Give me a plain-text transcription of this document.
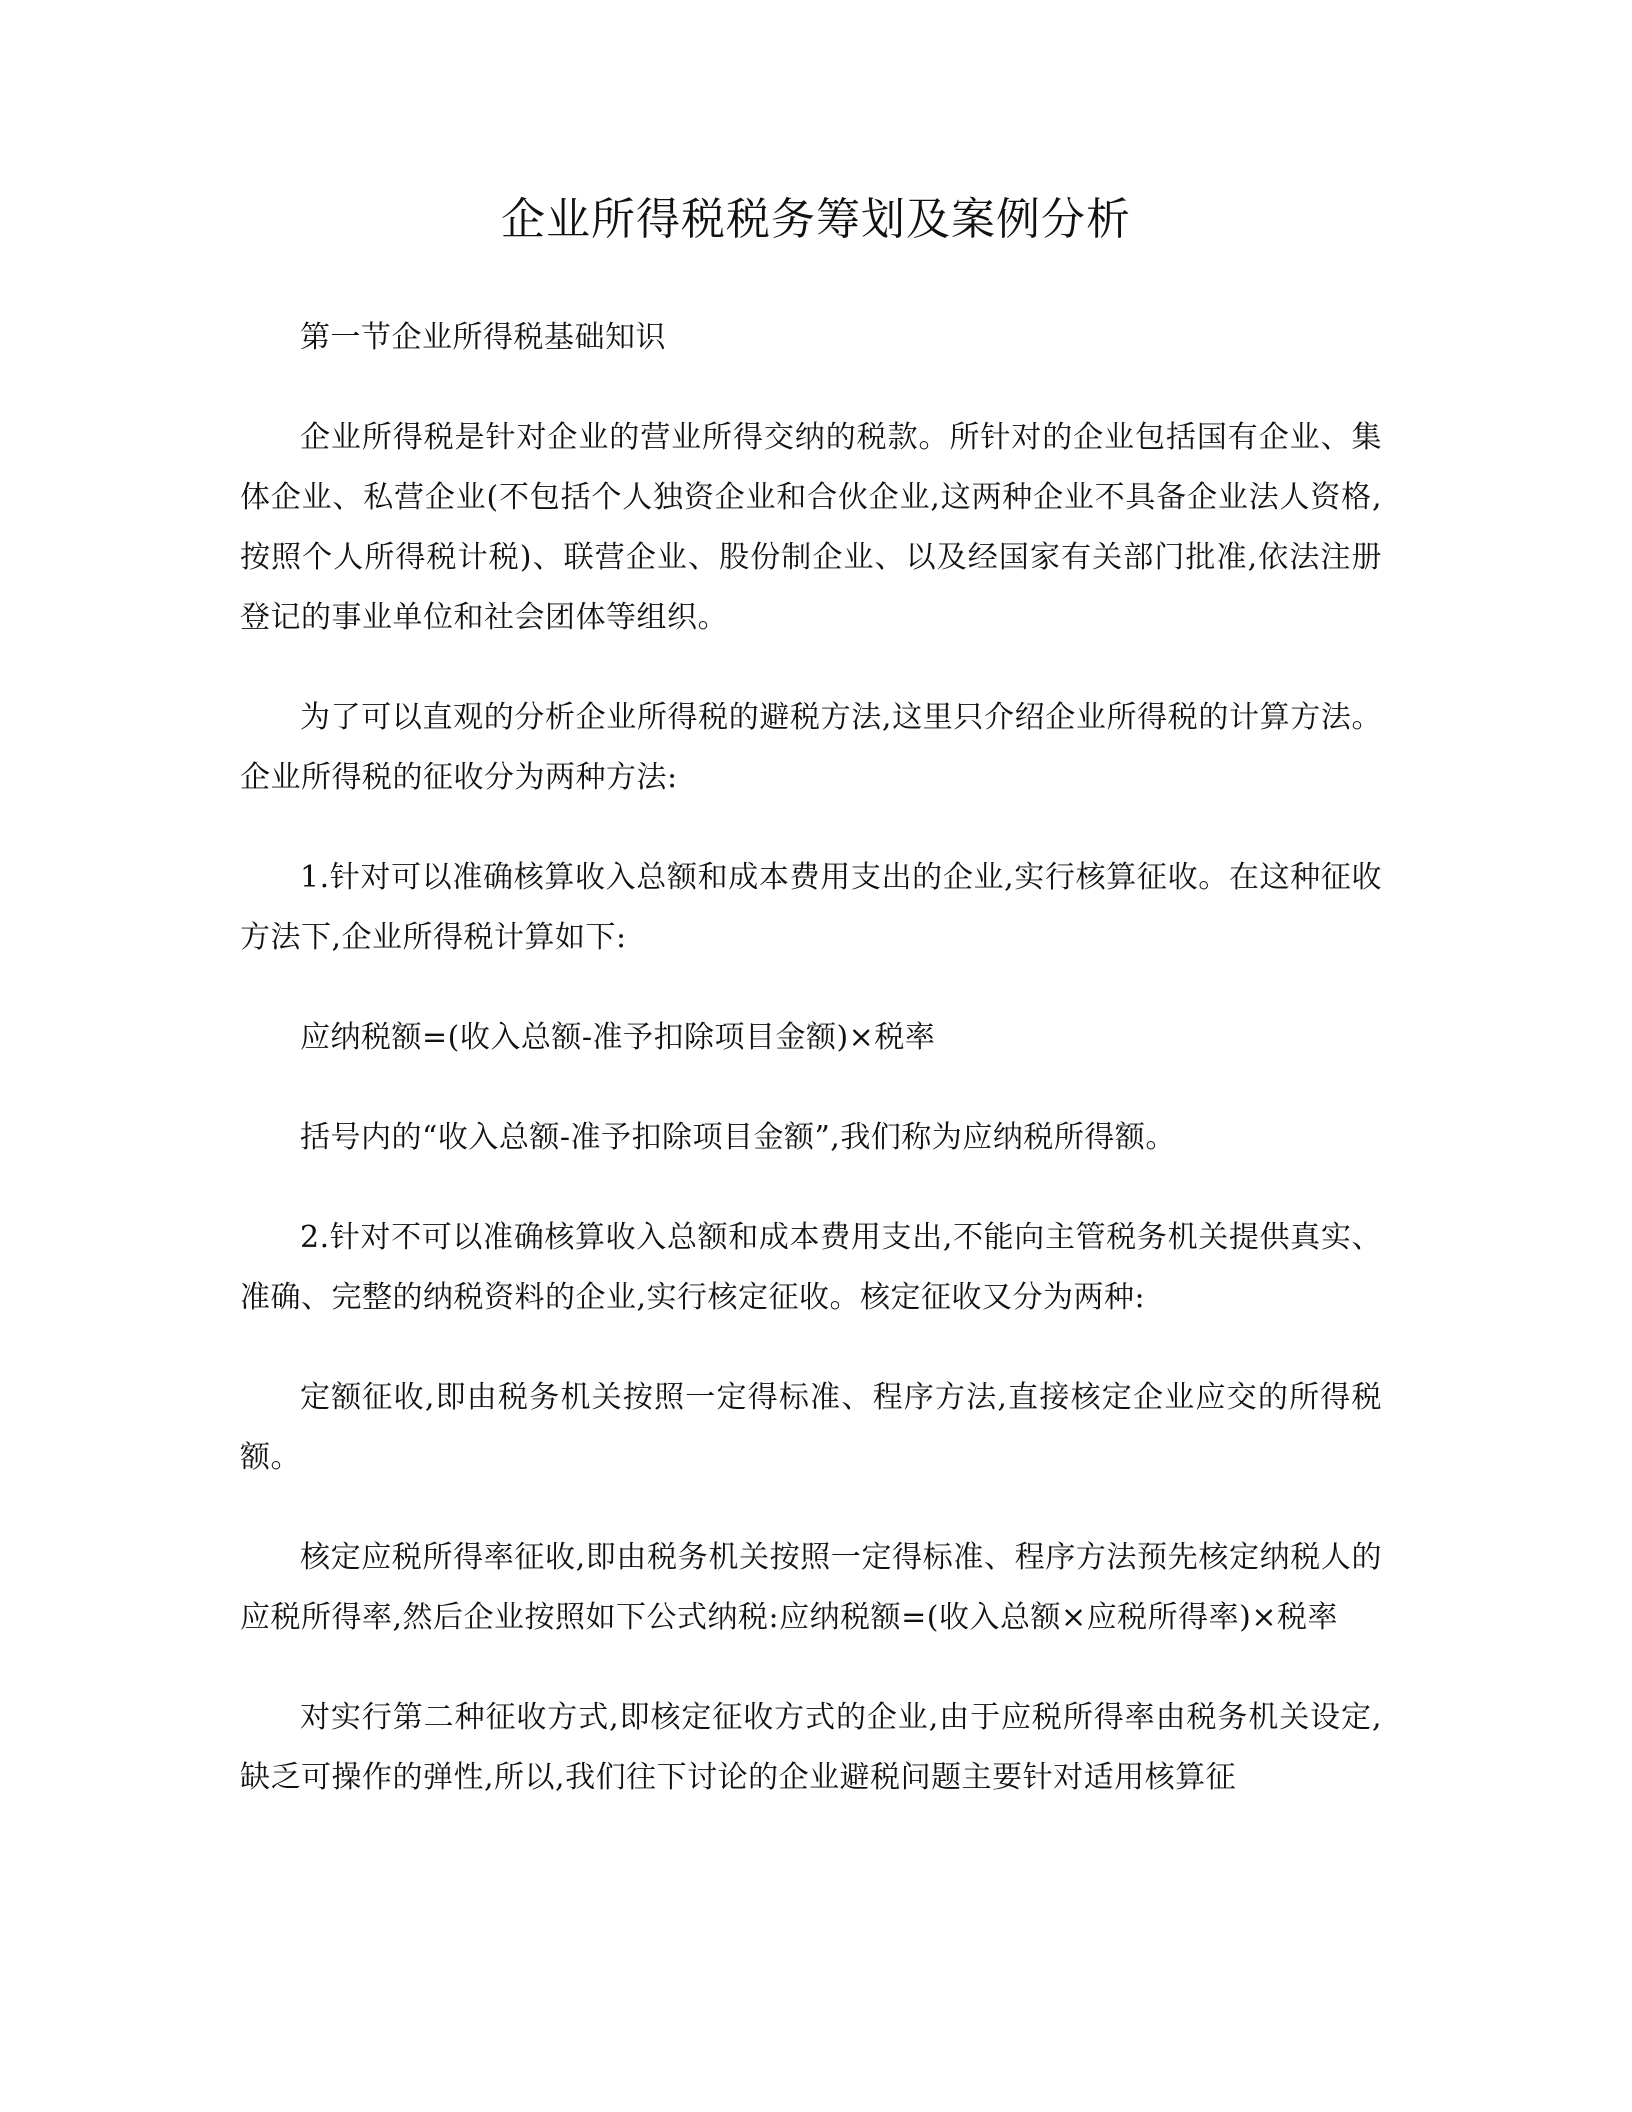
企业所得税税务筹划及案例分析

第一节企业所得税基础知识

企业所得税是针对企业的营业所得交纳的税款。所针对的企业包括国有企业、集体企业、私营企业(不包括个人独资企业和合伙企业,这两种企业不具备企业法人资格,按照个人所得税计税)、联营企业、股份制企业、以及经国家有关部门批准,依法注册登记的事业单位和社会团体等组织。

为了可以直观的分析企业所得税的避税方法,这里只介绍企业所得税的计算方法。企业所得税的征收分为两种方法:

1.针对可以准确核算收入总额和成本费用支出的企业,实行核算征收。在这种征收方法下,企业所得税计算如下:

应纳税额=(收入总额-准予扣除项目金额)×税率

括号内的“收入总额-准予扣除项目金额”,我们称为应纳税所得额。

2.针对不可以准确核算收入总额和成本费用支出,不能向主管税务机关提供真实、准确、完整的纳税资料的企业,实行核定征收。核定征收又分为两种:

定额征收,即由税务机关按照一定得标准、程序方法,直接核定企业应交的所得税额。

核定应税所得率征收,即由税务机关按照一定得标准、程序方法预先核定纳税人的应税所得率,然后企业按照如下公式纳税:应纳税额=(收入总额×应税所得率)×税率

对实行第二种征收方式,即核定征收方式的企业,由于应税所得率由税务机关设定,缺乏可操作的弹性,所以,我们往下讨论的企业避税问题主要针对适用核算征
